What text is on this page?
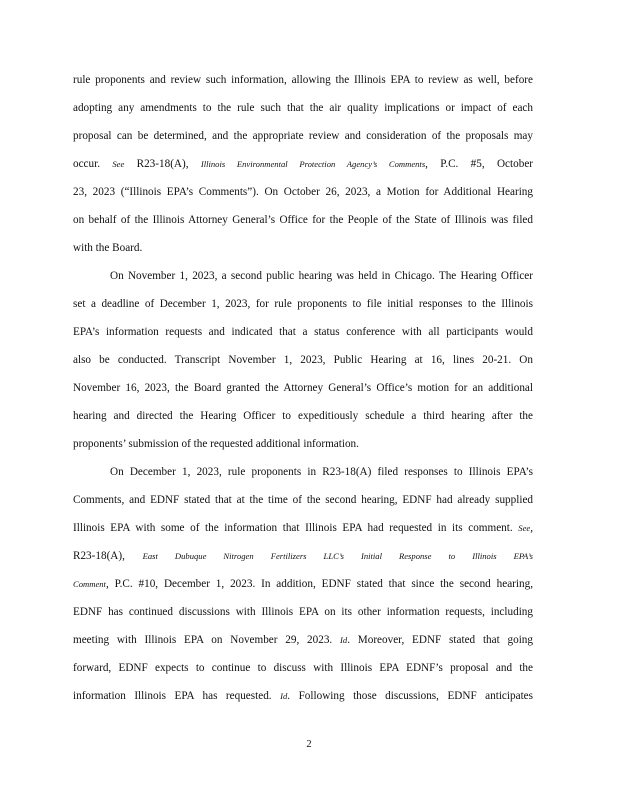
rule proponents and review such information, allowing the Illinois EPA to review as well, before
adopting any amendments to the rule such that the air quality implications or impact of each
proposal can be determined, and the appropriate review and consideration of the proposals may
occur. See R23-18(A), Illinois Environmental Protection Agency’s Comments, P.C. #5, October
23, 2023 (“Illinois EPA’s Comments”). On October 26, 2023, a Motion for Additional Hearing
on behalf of the Illinois Attorney General’s Office for the People of the State of Illinois was filed
with the Board.
On November 1, 2023, a second public hearing was held in Chicago. The Hearing Officer
set a deadline of December 1, 2023, for rule proponents to file initial responses to the Illinois
EPA’s information requests and indicated that a status conference with all participants would
also be conducted. Transcript November 1, 2023, Public Hearing at 16, lines 20-21. On
November 16, 2023, the Board granted the Attorney General’s Office’s motion for an additional
hearing and directed the Hearing Officer to expeditiously schedule a third hearing after the
proponents’ submission of the requested additional information.
On December 1, 2023, rule proponents in R23-18(A) filed responses to Illinois EPA’s
Comments, and EDNF stated that at the time of the second hearing, EDNF had already supplied
Illinois EPA with some of the information that Illinois EPA had requested in its comment. See,
R23-18(A), East Dubuque Nitrogen Fertilizers LLC’s Initial Response to Illinois EPA’s
Comment, P.C. #10, December 1, 2023. In addition, EDNF stated that since the second hearing,
EDNF has continued discussions with Illinois EPA on its other information requests, including
meeting with Illinois EPA on November 29, 2023. Id. Moreover, EDNF stated that going
forward, EDNF expects to continue to discuss with Illinois EPA EDNF’s proposal and the
information Illinois EPA has requested. Id. Following those discussions, EDNF anticipates
2
